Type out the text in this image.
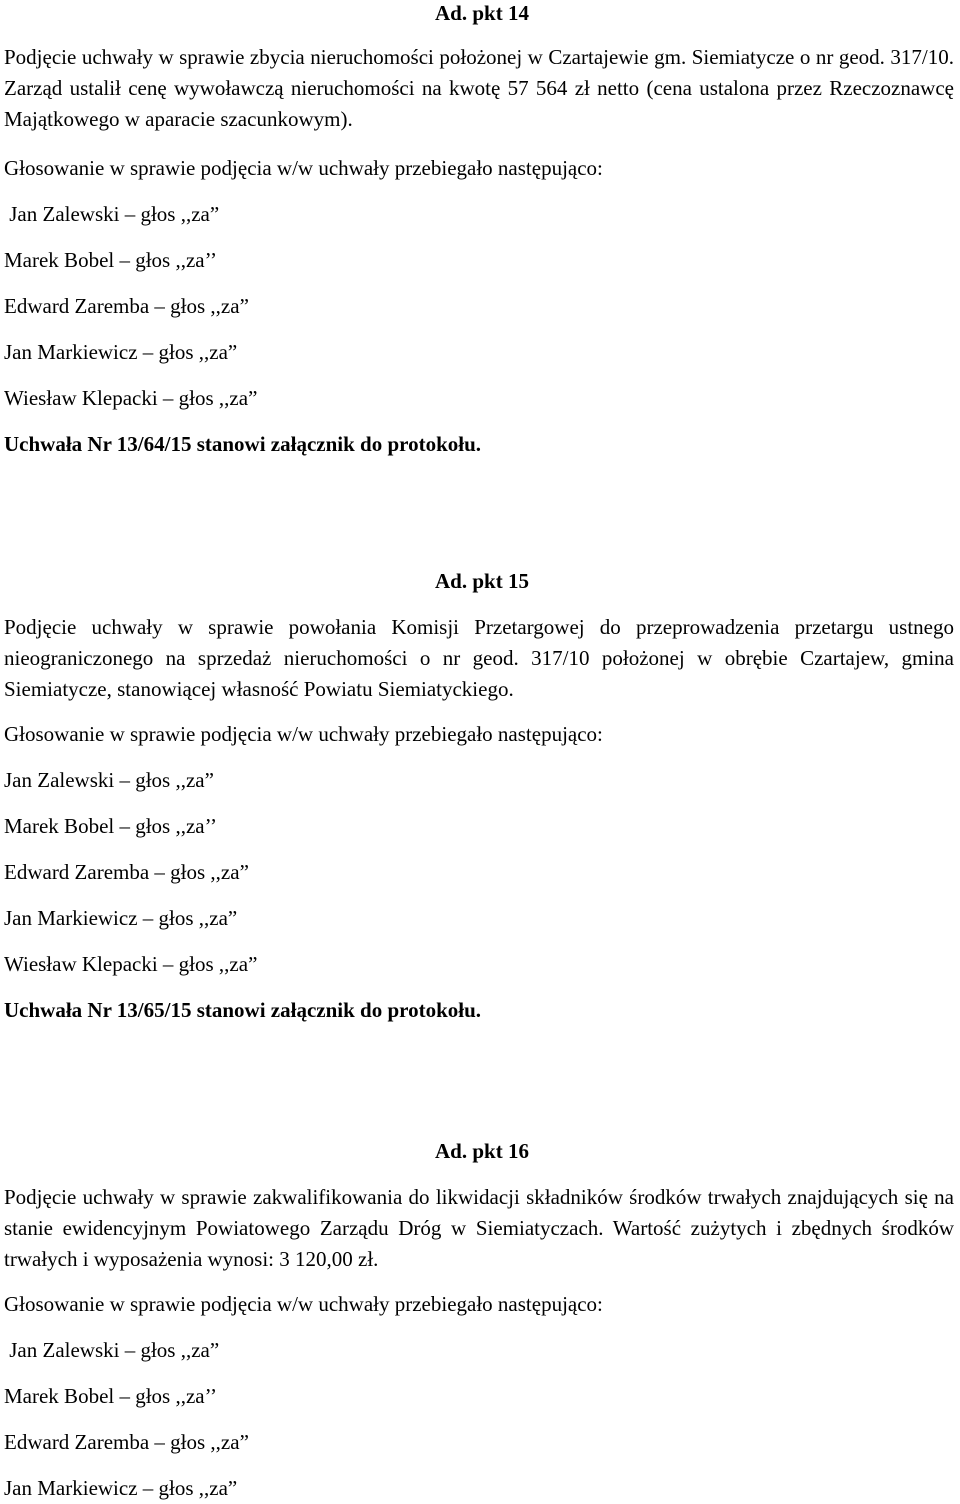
Ad. pkt 14

Podjęcie uchwały w sprawie zbycia nieruchomości położonej w Czartajewie gm. Siemiatycze o nr geod. 317/10. Zarząd ustalił cenę wywoławczą nieruchomości na kwotę 57 564 zł netto (cena ustalona przez Rzeczoznawcę Majątkowego w aparacie szacunkowym).

Głosowanie w sprawie podjęcia w/w uchwały przebiegało następująco:

Jan Zalewski – głos ,,za”

Marek Bobel – głos ,,za’’

Edward Zaremba – głos ,,za”

Jan Markiewicz – głos ,,za”

Wiesław Klepacki – głos ,,za”

Uchwała Nr 13/64/15 stanowi załącznik do protokołu.

Ad. pkt 15

Podjęcie uchwały w sprawie powołania Komisji Przetargowej do przeprowadzenia przetargu ustnego nieograniczonego na sprzedaż nieruchomości o nr geod. 317/10 położonej w obrębie Czartajew, gmina Siemiatycze, stanowiącej własność Powiatu Siemiatyckiego.

Głosowanie w sprawie podjęcia w/w uchwały przebiegało następująco:

Jan Zalewski – głos ,,za”

Marek Bobel – głos ,,za’’

Edward Zaremba – głos ,,za”

Jan Markiewicz – głos ,,za”

Wiesław Klepacki – głos ,,za”

Uchwała Nr 13/65/15 stanowi załącznik do protokołu.

Ad. pkt 16

Podjęcie uchwały w sprawie zakwalifikowania do likwidacji składników środków trwałych znajdujących się na stanie ewidencyjnym Powiatowego Zarządu Dróg w Siemiatyczach. Wartość zużytych i zbędnych środków trwałych i wyposażenia wynosi: 3 120,00 zł.

Głosowanie w sprawie podjęcia w/w uchwały przebiegało następująco:

Jan Zalewski – głos ,,za”

Marek Bobel – głos ,,za’’

Edward Zaremba – głos ,,za”

Jan Markiewicz – głos ,,za”
